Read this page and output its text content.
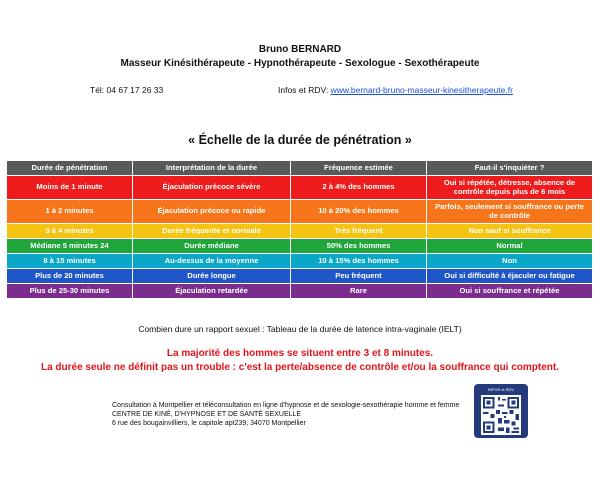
Bruno BERNARD
Masseur Kinésithérapeute - Hypnothérapeute - Sexologue - Sexothérapeute
Tél: 04 67 17 26 33	Infos et RDV: www.bernard-bruno-masseur-kinesitherapeute.fr
« Échelle de la durée de pénétration »
Durée de pénétration	Interprétation de la durée	Fréquence estimée	Faut-il s'inquiéter ?
Moins de 1 minute	Éjaculation précoce sévère	2 à 4% des hommes	Oui si répétée, détresse, absence de contrôle depuis plus de 6 mois
1 à 2 minutes	Éjaculation précoce ou rapide	10 à 20% des hommes	Parfois, seulement si souffrance ou perte de contrôle
3 à 4 minutes	Durée fréquente et normale	Très fréquent	Non sauf si souffrance
Médiane 5 minutes 24	Durée médiane	50% des hommes	Normal
8 à 15 minutes	Au-dessus de la moyenne	10 à 15% des hommes	Non
Plus de 20 minutes	Durée longue	Peu fréquent	Oui si difficulté à éjaculer ou fatigue
Plus de 25-30 minutes	Éjaculation retardée	Rare	Oui si souffrance et répétée
Combien dure un rapport sexuel : Tableau de la durée de latence intra-vaginale (IELT)
La majorité des hommes se situent entre 3 et 8 minutes.
La durée seule ne définit pas un trouble : c'est la perte/absence de contrôle et/ou la souffrance qui comptent.
Consultation à Montpellier et téléconsultation en ligne d'hypnose et de sexologie-sexothérapie homme et femme
CENTRE DE KINÉ, D'HYPNOSE ET DE SANTÉ SEXUELLE
6 rue des bougainvilliers, le capitole apt239, 34070 Montpellier
INFOS et RDV
